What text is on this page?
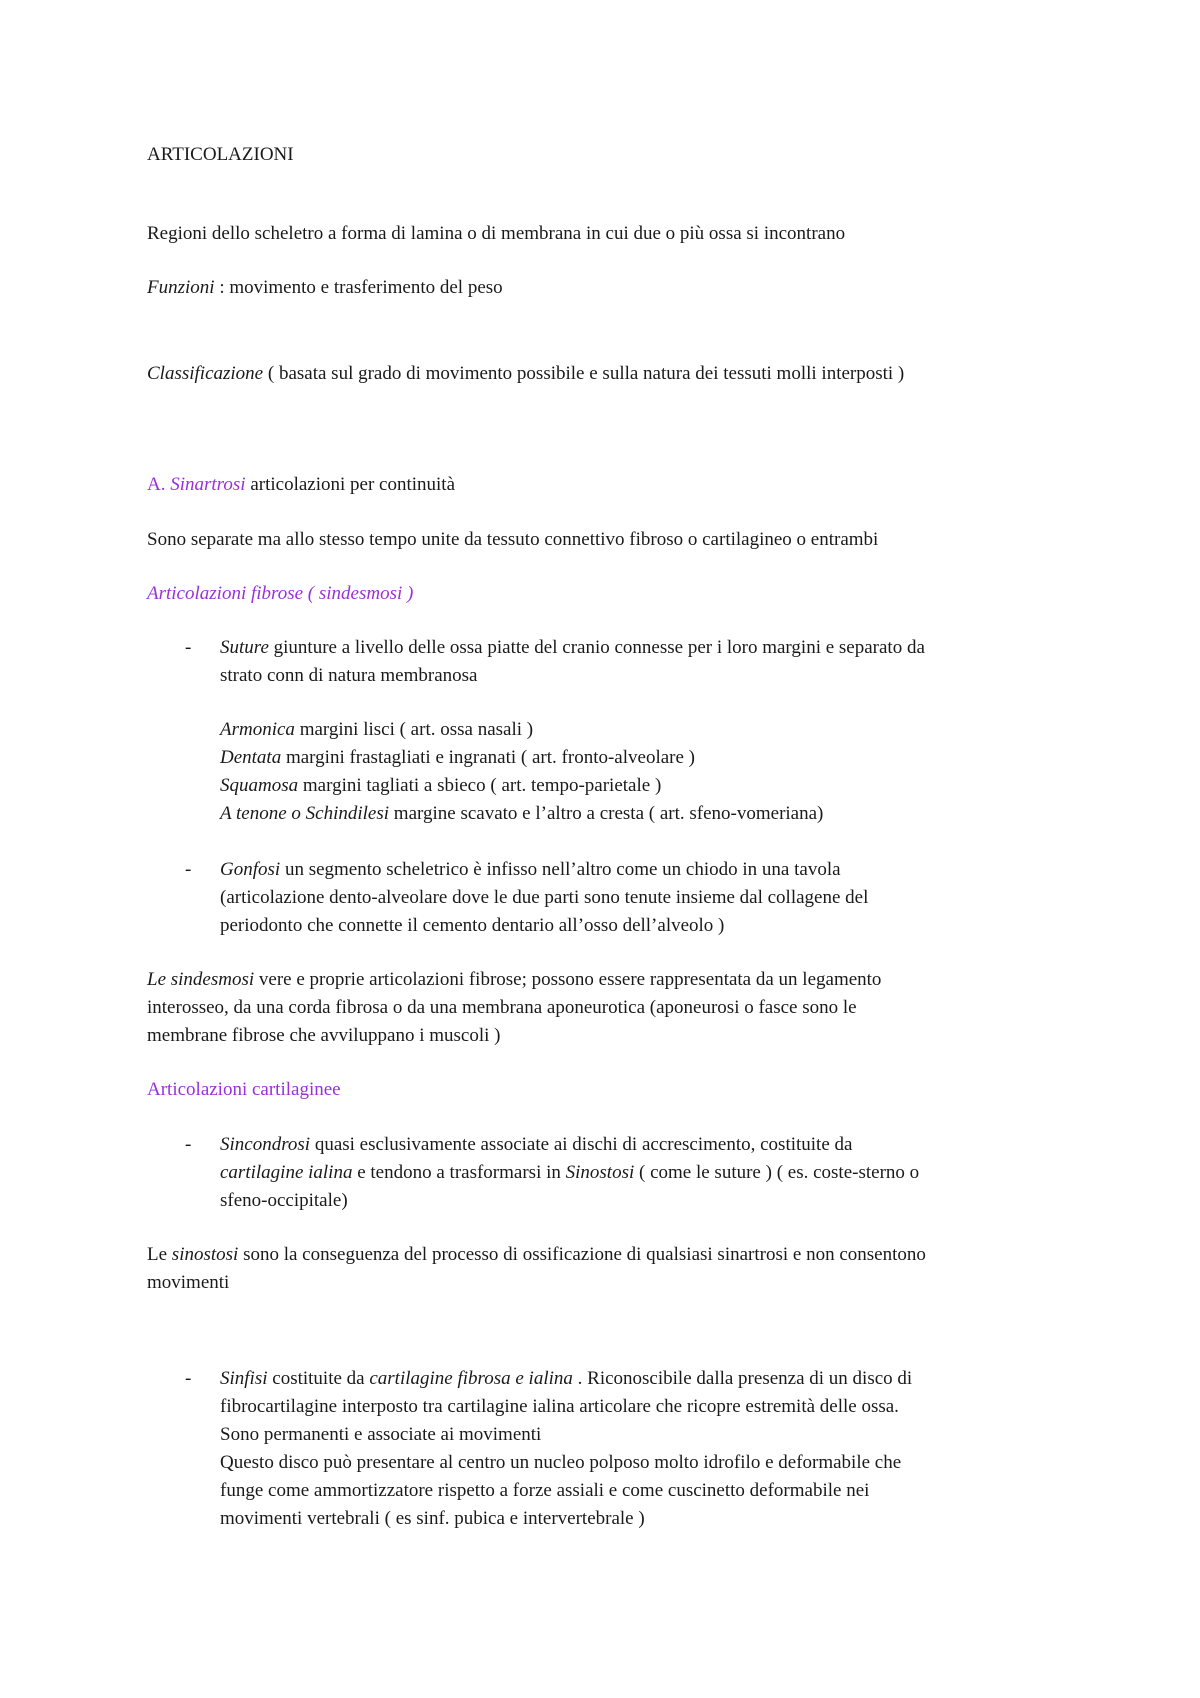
ARTICOLAZIONI
Regioni dello scheletro a forma di lamina o di membrana in cui due o più ossa si incontrano
Funzioni : movimento e trasferimento del peso
Classificazione ( basata sul grado di movimento possibile e sulla natura dei tessuti molli interposti )
A. Sinartrosi articolazioni per continuità
Sono separate ma allo stesso tempo unite da tessuto connettivo fibroso o cartilagineo o entrambi
Articolazioni fibrose ( sindesmosi )
-	Suture giunture a livello delle ossa piatte del cranio connesse per i loro margini e separato da
strato conn di natura membranosa
Armonica margini lisci ( art. ossa nasali )
Dentata margini frastagliati e ingranati ( art. fronto-alveolare )
Squamosa margini tagliati a sbieco ( art. tempo-parietale )
A tenone o Schindilesi margine scavato e l’altro a cresta ( art. sfeno-vomeriana)
-	Gonfosi un segmento scheletrico è infisso nell’altro come un chiodo in una tavola
(articolazione dento-alveolare dove le due parti sono tenute insieme dal collagene del
periodonto che connette il cemento dentario all’osso dell’alveolo )
Le sindesmosi vere e proprie articolazioni fibrose; possono essere rappresentata da un legamento
interosseo, da una corda fibrosa o da una membrana aponeurotica (aponeurosi o fasce sono le
membrane fibrose che avviluppano i muscoli )
Articolazioni cartilaginee
-	Sincondrosi quasi esclusivamente associate ai dischi di accrescimento, costituite da
cartilagine ialina e tendono a trasformarsi in Sinostosi ( come le suture ) ( es. coste-sterno o
sfeno-occipitale)
Le sinostosi sono la conseguenza del processo di ossificazione di qualsiasi sinartrosi e non consentono
movimenti
-	Sinfisi costituite da cartilagine fibrosa e ialina . Riconoscibile dalla presenza di un disco di
fibrocartilagine interposto tra cartilagine ialina articolare che ricopre estremità delle ossa.
Sono permanenti e associate ai movimenti
Questo disco può presentare al centro un nucleo polposo molto idrofilo e deformabile che
funge come ammortizzatore rispetto a forze assiali e come cuscinetto deformabile nei
movimenti vertebrali ( es sinf. pubica e intervertebrale )
